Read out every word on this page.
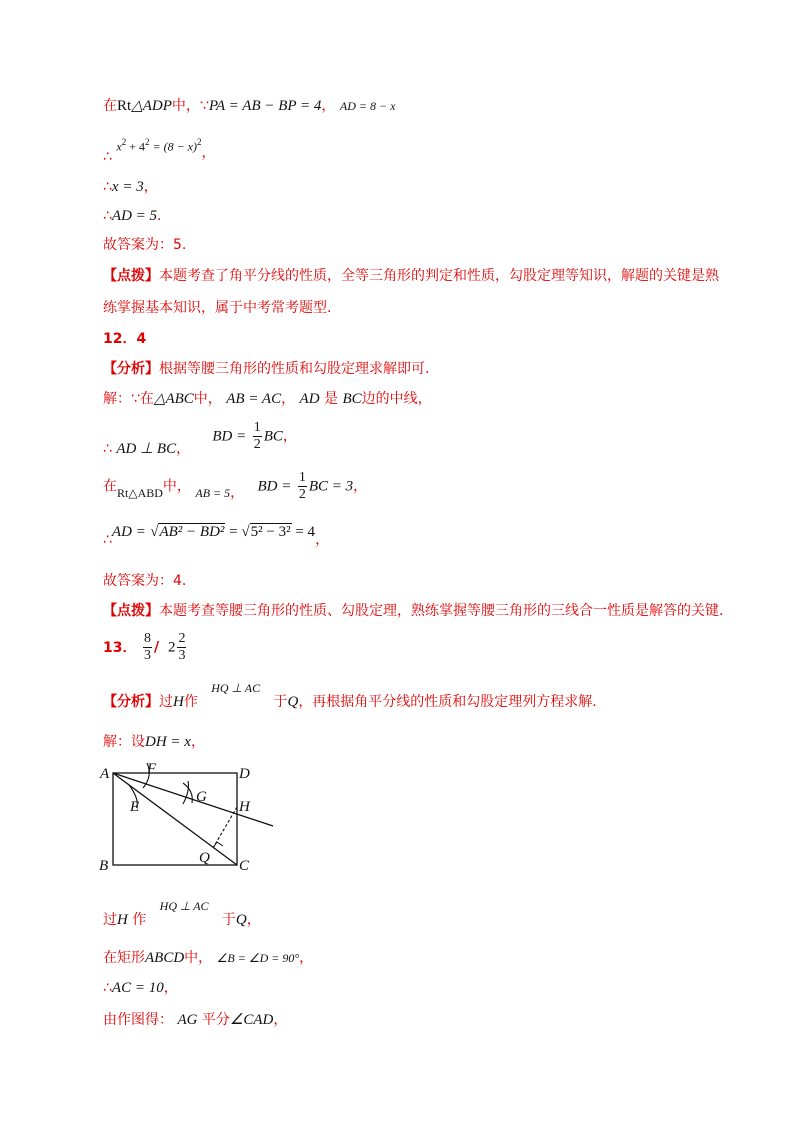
在Rt△ADP中，∵PA = AB − BP = 4， AD = 8 − x
∴ $x^2 + 4^2 = (8 - x)^2$，
∴x = 3，
∴AD = 5.
故答案为：5.
【点拨】本题考查了角平分线的性质，全等三角形的判定和性质，勾股定理等知识，解题的关键是熟
练掌握基本知识，属于中考常考题型.
12．4
【分析】根据等腰三角形的性质和勾股定理求解即可.
解：∵在△ABC中， AB = AC， AD 是 BC边的中线，
∴ AD ⊥ BC，     BD = $\frac{1}{2}$ BC，
在Rt△ABD中， AB = 5， BD = $\frac{1}{2}$ BC = 3，
∴AD = √AB² − BD² = √5² − 3² = 4，
故答案为：4.
【点拨】本题考查等腰三角形的性质、勾股定理，熟练掌握等腰三角形的三线合一性质是解答的关键.
13． $\frac{8}{3} / 2 \frac{2}{3}$
【分析】过H作   HQ ⊥ AC   于Q，再根据角平分线的性质和勾股定理列方程求解.
解：设DH = x，
A	D
F
E
G
H
Q
B	C
过H 作   HQ ⊥ AC   于Q，
在矩形ABCD中， ∠B = ∠D = 90°，
∴AC = 10，
由作图得： AG 平分∠CAD，
